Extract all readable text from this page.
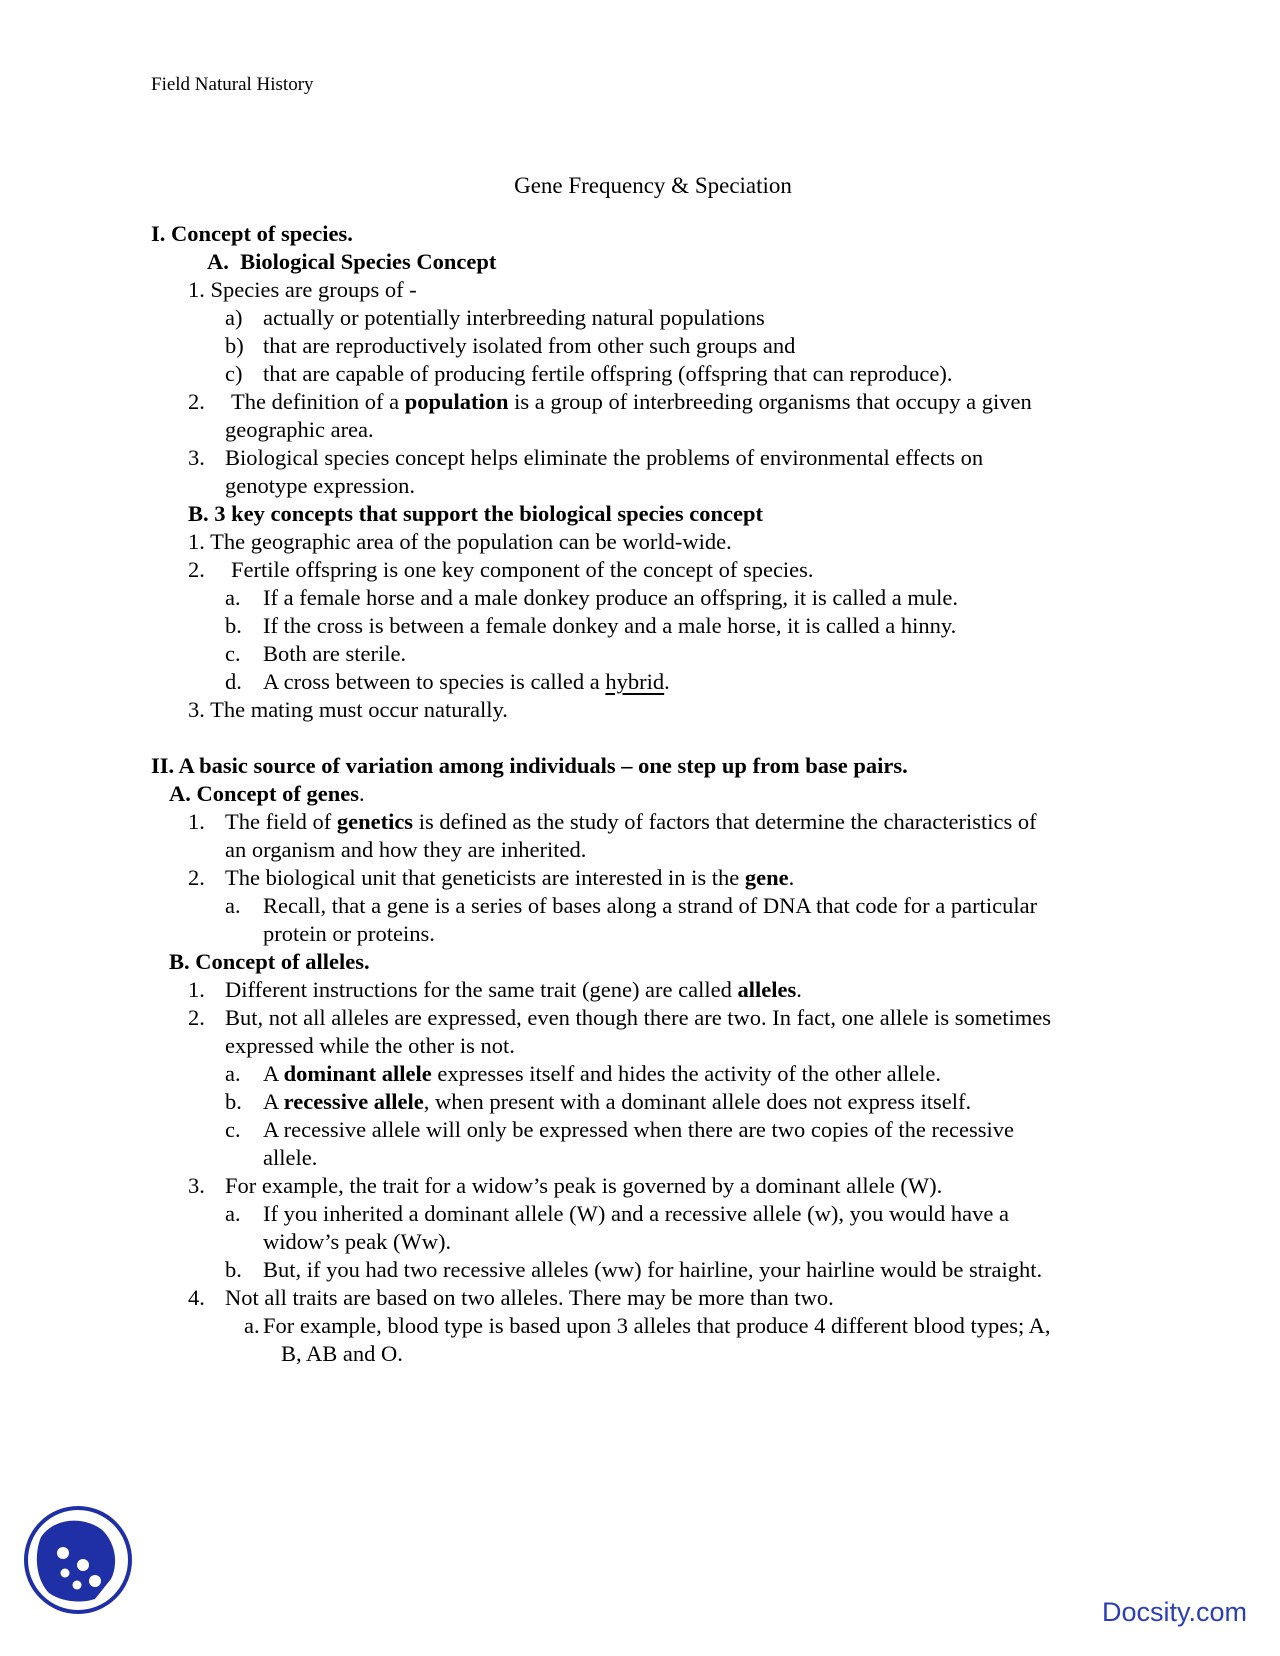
Field Natural History
Gene Frequency & Speciation
I. Concept of species.
A. Biological Species Concept
1. Species are groups of -
a) actually or potentially interbreeding natural populations
b) that are reproductively isolated from other such groups and
c) that are capable of producing fertile offspring (offspring that can reproduce).
2. The definition of a population is a group of interbreeding organisms that occupy a given
geographic area.
3. Biological species concept helps eliminate the problems of environmental effects on
genotype expression.
B. 3 key concepts that support the biological species concept
1. The geographic area of the population can be world-wide.
2. Fertile offspring is one key component of the concept of species.
a. If a female horse and a male donkey produce an offspring, it is called a mule.
b. If the cross is between a female donkey and a male horse, it is called a hinny.
c. Both are sterile.
d. A cross between to species is called a hybrid.
3. The mating must occur naturally.
II. A basic source of variation among individuals – one step up from base pairs.
A. Concept of genes.
1. The field of genetics is defined as the study of factors that determine the characteristics of
an organism and how they are inherited.
2. The biological unit that geneticists are interested in is the gene.
a. Recall, that a gene is a series of bases along a strand of DNA that code for a particular
protein or proteins.
B. Concept of alleles.
1. Different instructions for the same trait (gene) are called alleles.
2. But, not all alleles are expressed, even though there are two. In fact, one allele is sometimes
expressed while the other is not.
a. A dominant allele expresses itself and hides the activity of the other allele.
b. A recessive allele, when present with a dominant allele does not express itself.
c. A recessive allele will only be expressed when there are two copies of the recessive
allele.
3. For example, the trait for a widow’s peak is governed by a dominant allele (W).
a. If you inherited a dominant allele (W) and a recessive allele (w), you would have a
widow’s peak (Ww).
b. But, if you had two recessive alleles (ww) for hairline, your hairline would be straight.
4. Not all traits are based on two alleles. There may be more than two.
a. For example, blood type is based upon 3 alleles that produce 4 different blood types; A,
B, AB and O.
Docsity.com
